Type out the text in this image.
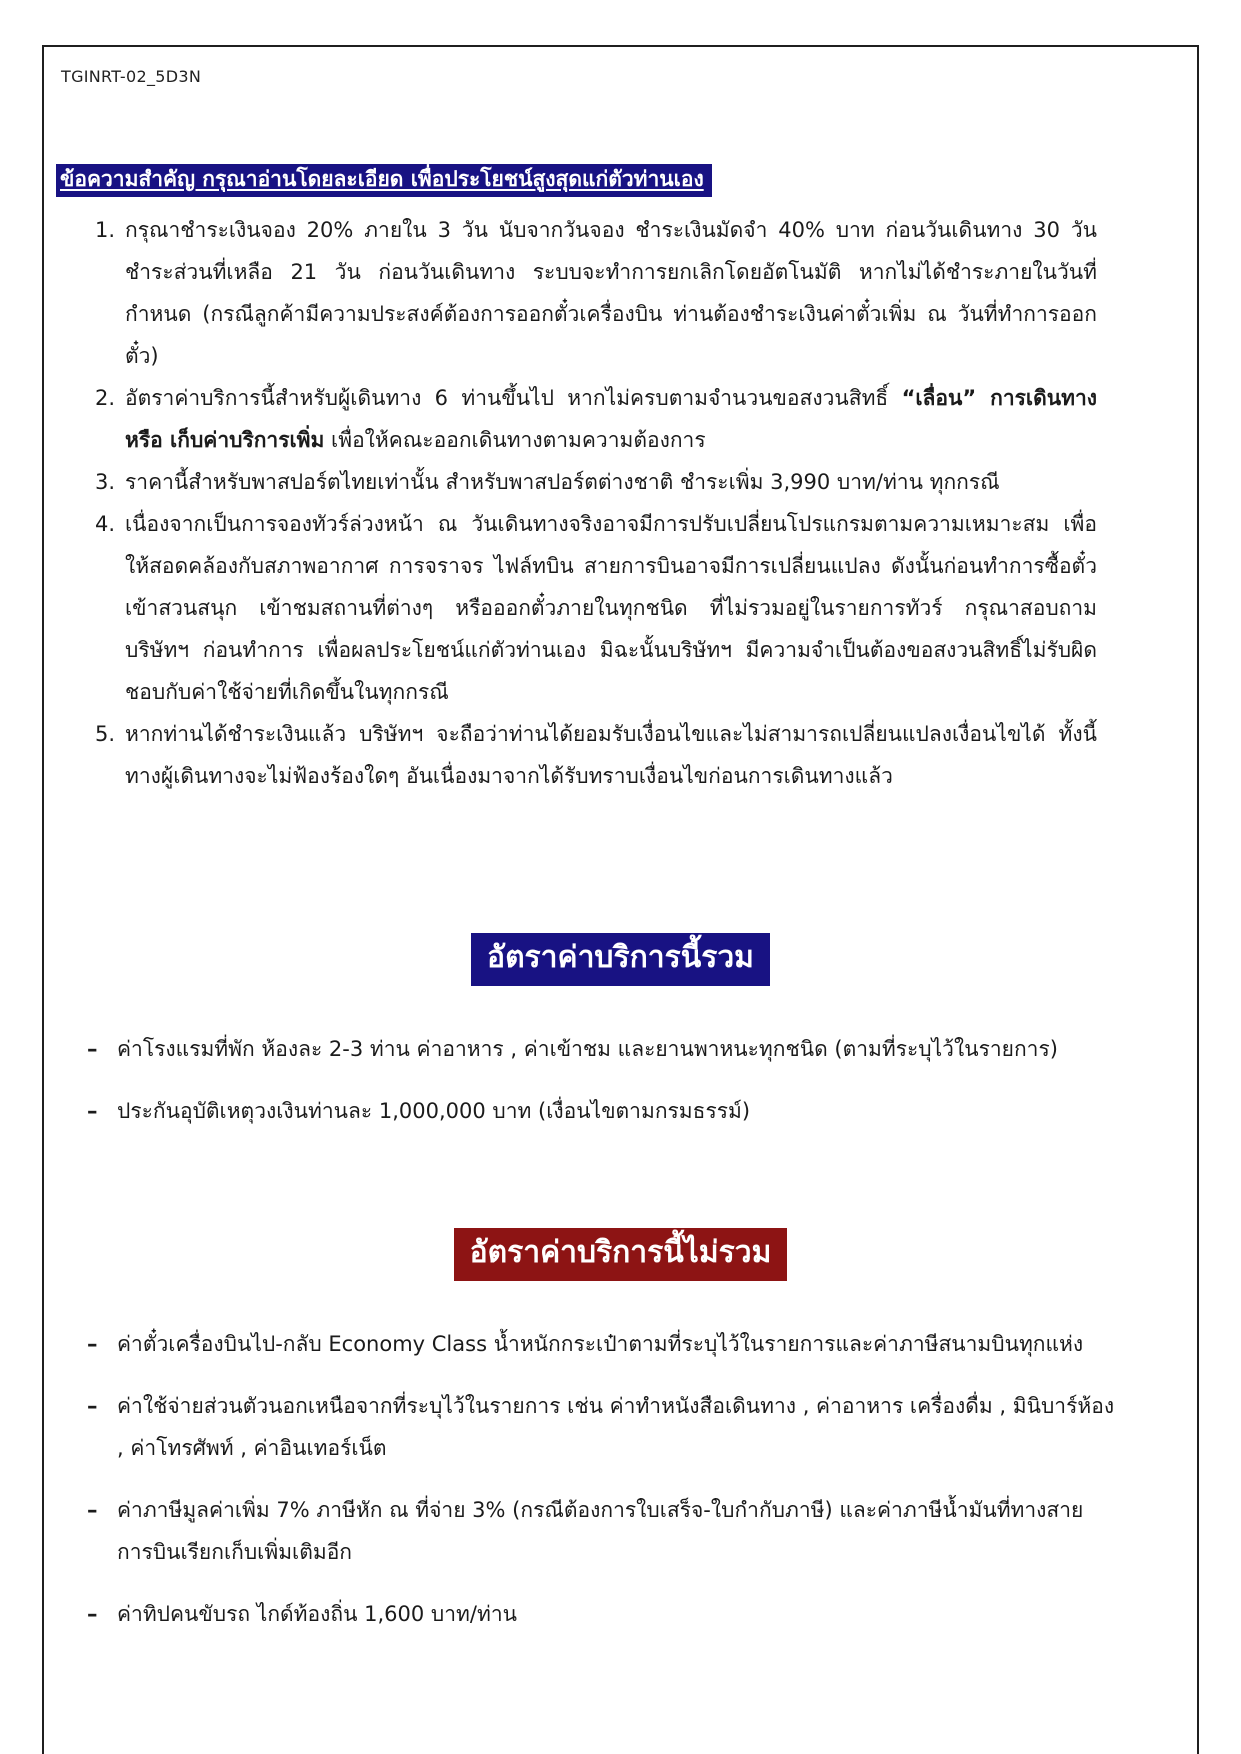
TGINRT-02_5D3N
ข้อความสำคัญ กรุณาอ่านโดยละเอียด เพื่อประโยชน์สูงสุดแก่ตัวท่านเอง
1. กรุณาชำระเงินจอง 20% ภายใน 3 วัน นับจากวันจอง ชำระเงินมัดจำ 40% บาท ก่อนวันเดินทาง 30 วัน ชำระส่วนที่เหลือ 21 วัน ก่อนวันเดินทาง ระบบจะทำการยกเลิกโดยอัตโนมัติ หากไม่ได้ชำระภายในวันที่กำหนด (กรณีลูกค้ามีความประสงค์ต้องการออกตั๋วเครื่องบิน ท่านต้องชำระเงินค่าตั๋วเพิ่ม ณ วันที่ทำการออกตั๋ว)
2. อัตราค่าบริการนี้สำหรับผู้เดินทาง 6 ท่านขึ้นไป หากไม่ครบตามจำนวนขอสงวนสิทธิ์ “เลื่อน” การเดินทาง หรือ เก็บค่าบริการเพิ่ม เพื่อให้คณะออกเดินทางตามความต้องการ
3. ราคานี้สำหรับพาสปอร์ตไทยเท่านั้น สำหรับพาสปอร์ตต่างชาติ ชำระเพิ่ม 3,990 บาท/ท่าน ทุกกรณี
4. เนื่องจากเป็นการจองทัวร์ล่วงหน้า ณ วันเดินทางจริงอาจมีการปรับเปลี่ยนโปรแกรมตามความเหมาะสม เพื่อให้สอดคล้องกับสภาพอากาศ การจราจร ไฟล์ทบิน สายการบินอาจมีการเปลี่ยนแปลง ดังนั้นก่อนทำการซื้อตั๋วเข้าสวนสนุก เข้าชมสถานที่ต่างๆ หรือออกตั๋วภายในทุกชนิด ที่ไม่รวมอยู่ในรายการทัวร์ กรุณาสอบถามบริษัทฯ ก่อนทำการ เพื่อผลประโยชน์แก่ตัวท่านเอง มิฉะนั้นบริษัทฯ มีความจำเป็นต้องขอสงวนสิทธิ์ไม่รับผิดชอบกับค่าใช้จ่ายที่เกิดขึ้นในทุกกรณี
5. หากท่านได้ชำระเงินแล้ว บริษัทฯ จะถือว่าท่านได้ยอมรับเงื่อนไขและไม่สามารถเปลี่ยนแปลงเงื่อนไขได้ ทั้งนี้ทางผู้เดินทางจะไม่ฟ้องร้องใดๆ อันเนื่องมาจากได้รับทราบเงื่อนไขก่อนการเดินทางแล้ว
อัตราค่าบริการนี้รวม
– ค่าโรงแรมที่พัก ห้องละ 2-3 ท่าน ค่าอาหาร , ค่าเข้าชม และยานพาหนะทุกชนิด (ตามที่ระบุไว้ในรายการ)
– ประกันอุบัติเหตุวงเงินท่านละ 1,000,000 บาท (เงื่อนไขตามกรมธรรม์)
อัตราค่าบริการนี้ไม่รวม
– ค่าตั๋วเครื่องบินไป-กลับ Economy Class น้ำหนักกระเป๋าตามที่ระบุไว้ในรายการและค่าภาษีสนามบินทุกแห่ง
– ค่าใช้จ่ายส่วนตัวนอกเหนือจากที่ระบุไว้ในรายการ เช่น ค่าทำหนังสือเดินทาง , ค่าอาหาร เครื่องดื่ม , มินิบาร์ห้อง , ค่าโทรศัพท์ , ค่าอินเทอร์เน็ต
– ค่าภาษีมูลค่าเพิ่ม 7% ภาษีหัก ณ ที่จ่าย 3% (กรณีต้องการใบเสร็จ-ใบกำกับภาษี) และค่าภาษีน้ำมันที่ทางสายการบินเรียกเก็บเพิ่มเติมอีก
– ค่าทิปคนขับรถ ไกด์ท้องถิ่น 1,600 บาท/ท่าน
